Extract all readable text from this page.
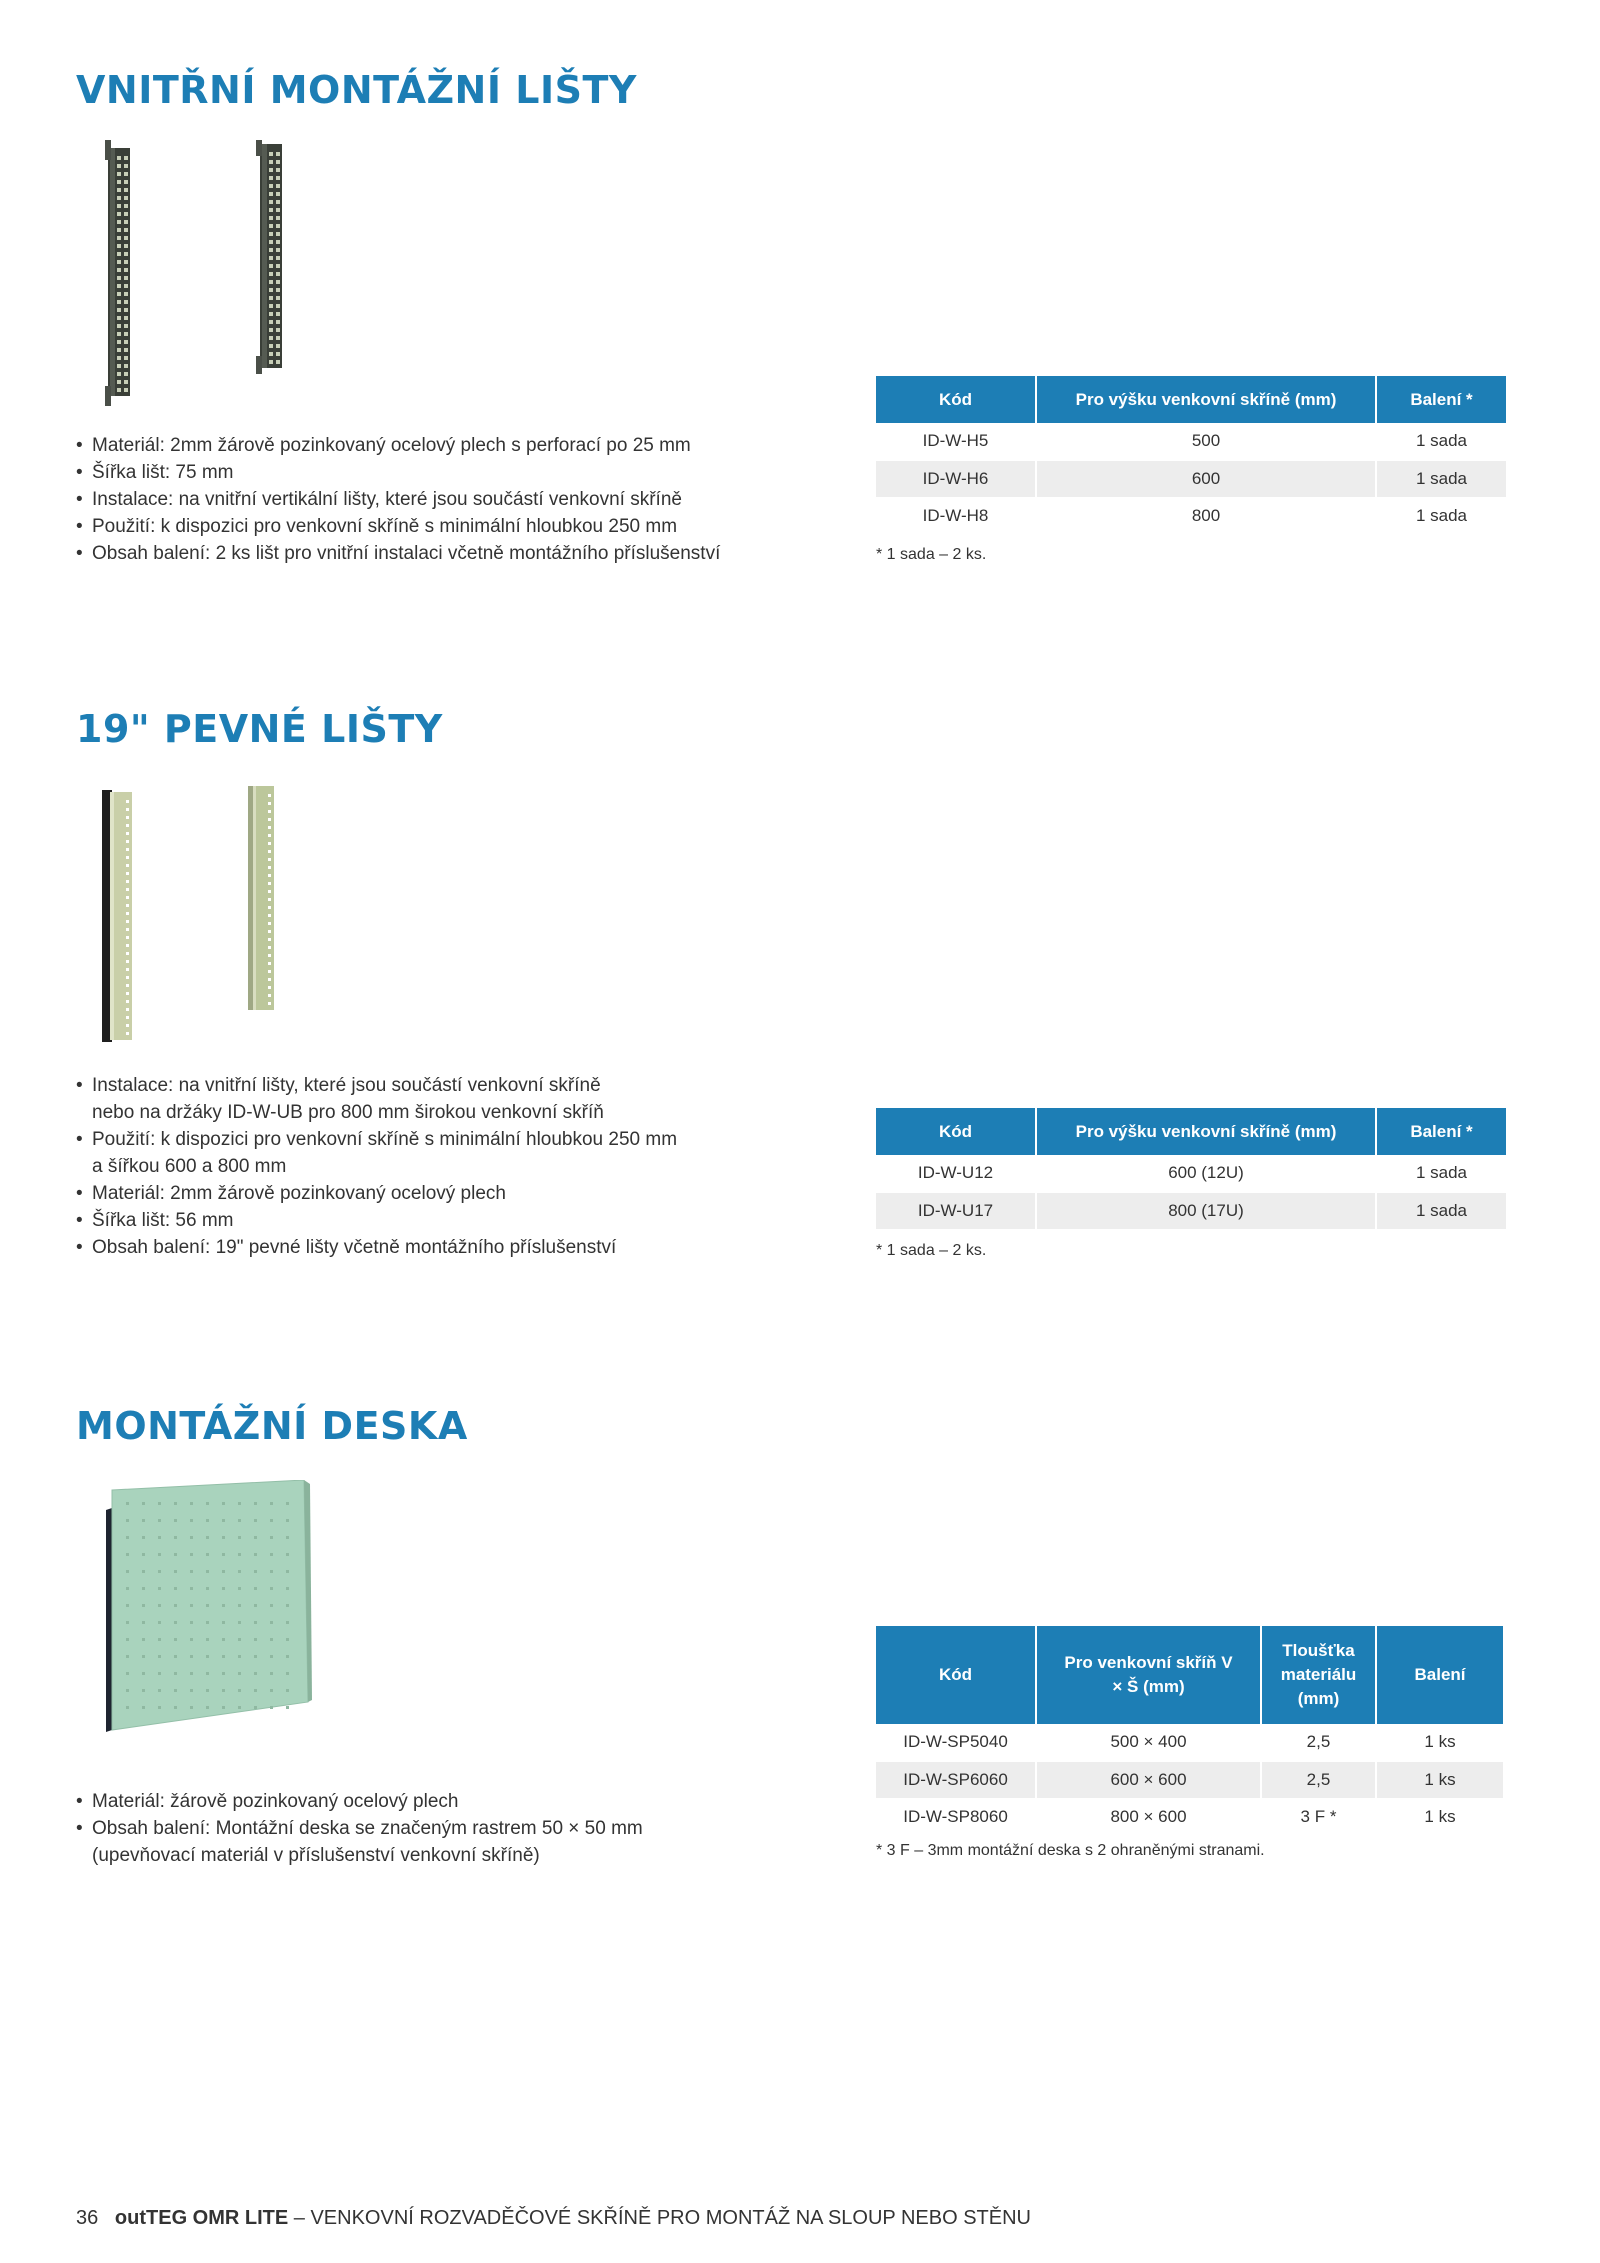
VNITŘNÍ MONTÁŽNÍ LIŠTY
• Materiál: 2mm žárově pozinkovaný ocelový plech s perforací po 25 mm
• Šířka lišt: 75 mm
• Instalace: na vnitřní vertikální lišty, které jsou součástí venkovní skříně
• Použití: k dispozici pro venkovní skříně s minimální hloubkou 250 mm
• Obsah balení: 2 ks lišt pro vnitřní instalaci včetně montážního příslušenství
Kód	Pro výšku venkovní skříně (mm)	Balení *
ID-W-H5	500	1 sada
ID-W-H6	600	1 sada
ID-W-H8	800	1 sada
* 1 sada – 2 ks.
19" PEVNÉ LIŠTY
• Instalace: na vnitřní lišty, které jsou součástí venkovní skříně
nebo na držáky ID-W-UB pro 800 mm širokou venkovní skříň
• Použití: k dispozici pro venkovní skříně s minimální hloubkou 250 mm
a šířkou 600 a 800 mm
• Materiál: 2mm žárově pozinkovaný ocelový plech
• Šířka lišt: 56 mm
• Obsah balení: 19" pevné lišty včetně montážního příslušenství
Kód	Pro výšku venkovní skříně (mm)	Balení *
ID-W-U12	600 (12U)	1 sada
ID-W-U17	800 (17U)	1 sada
* 1 sada – 2 ks.
MONTÁŽNÍ DESKA
• Materiál: žárově pozinkovaný ocelový plech
• Obsah balení: Montážní deska se značeným rastrem 50 × 50 mm
(upevňovací materiál v příslušenství venkovní skříně)
Kód	Pro venkovní skříň V × Š (mm)	Tloušťka materiálu (mm)	Balení
ID-W-SP5040	500 × 400	2,5	1 ks
ID-W-SP6060	600 × 600	2,5	1 ks
ID-W-SP8060	800 × 600	3 F *	1 ks
* 3 F – 3mm montážní deska s 2 ohraněnými stranami.
36 outTEG OMR LITE – VENKOVNÍ ROZVADĚČOVÉ SKŘÍNĚ PRO MONTÁŽ NA SLOUP NEBO STĚNU
